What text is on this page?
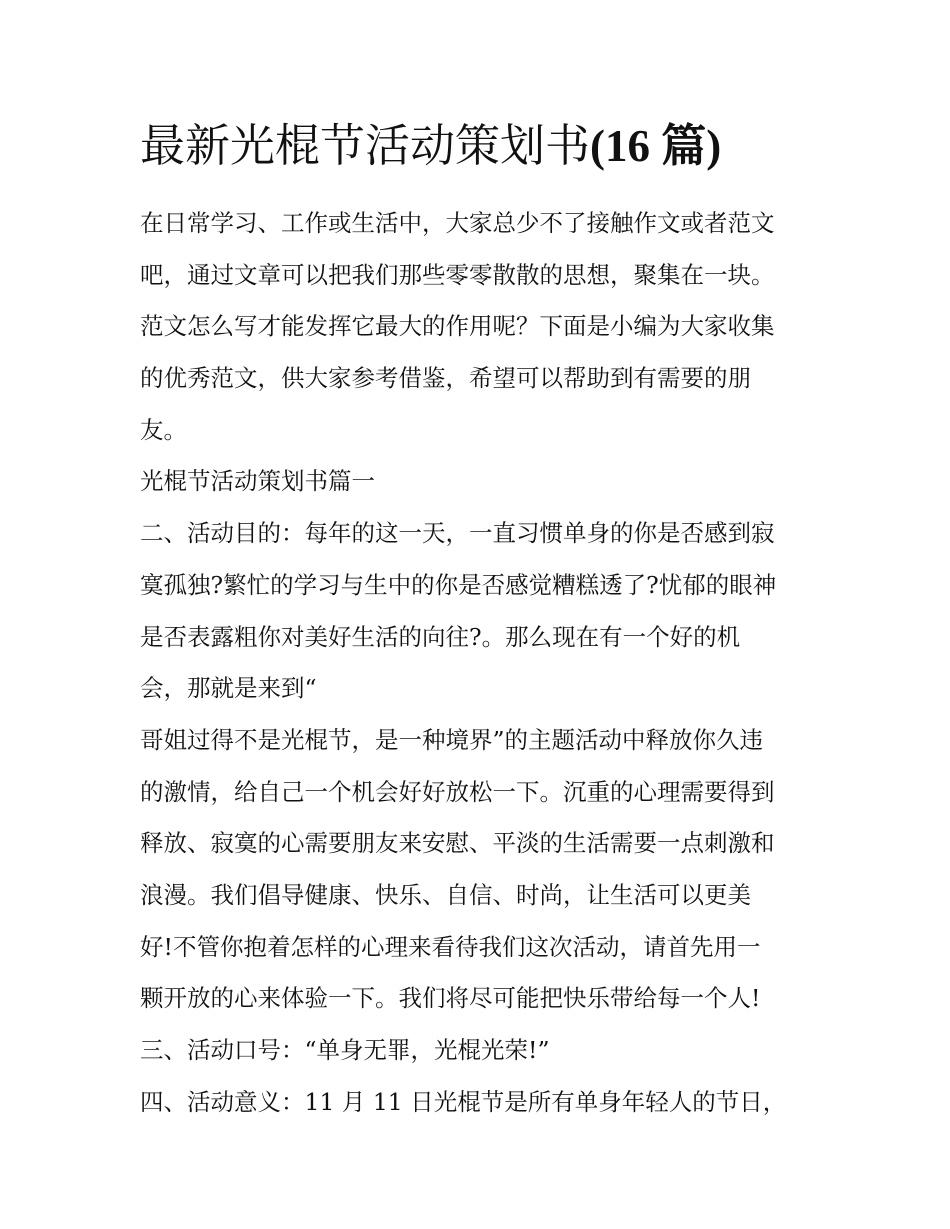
最新光棍节活动策划书(16 篇)
在日常学习、工作或生活中，大家总少不了接触作文或者范文
吧，通过文章可以把我们那些零零散散的思想，聚集在一块。
范文怎么写才能发挥它最大的作用呢？下面是小编为大家收集
的优秀范文，供大家参考借鉴，希望可以帮助到有需要的朋
友。
光棍节活动策划书篇一
二、活动目的：每年的这一天，一直习惯单身的你是否感到寂
寞孤独?繁忙的学习与生中的你是否感觉糟糕透了?忧郁的眼神
是否表露粗你对美好生活的向往?。那么现在有一个好的机
会，那就是来到“
哥姐过得不是光棍节，是一种境界”的主题活动中释放你久违
的激情，给自己一个机会好好放松一下。沉重的心理需要得到
释放、寂寞的心需要朋友来安慰、平淡的生活需要一点刺激和
浪漫。我们倡导健康、快乐、自信、时尚，让生活可以更美
好!不管你抱着怎样的心理来看待我们这次活动，请首先用一
颗开放的心来体验一下。我们将尽可能把快乐带给每一个人!
三、活动口号：“单身无罪，光棍光荣!”
四、活动意义：11 月 11 日光棍节是所有单身年轻人的节日，
